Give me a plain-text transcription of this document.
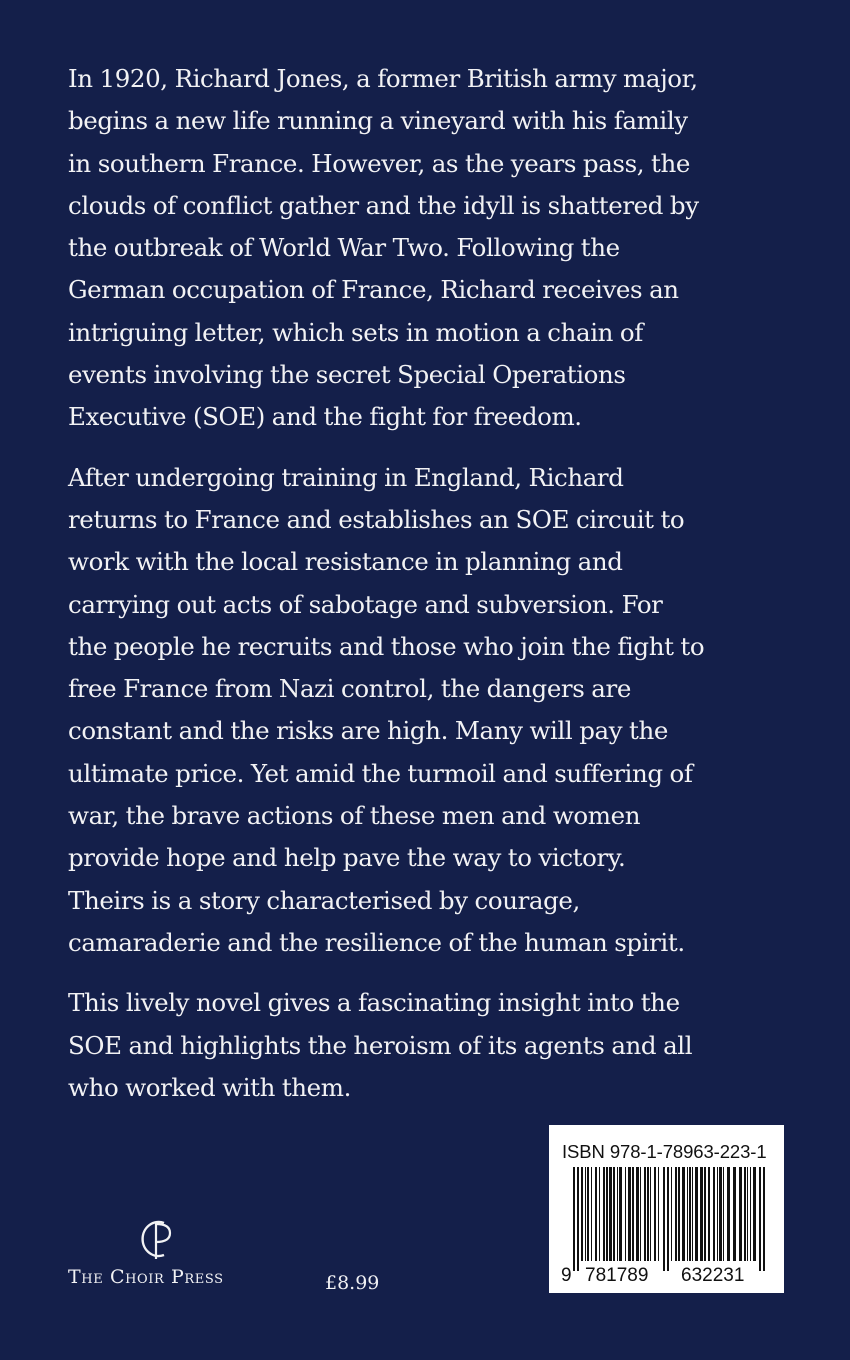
In 1920, Richard Jones, a former British army major, begins a new life running a vineyard with his family in southern France. However, as the years pass, the clouds of conflict gather and the idyll is shattered by the outbreak of World War Two. Following the German occupation of France, Richard receives an intriguing letter, which sets in motion a chain of events involving the secret Special Operations Executive (SOE) and the fight for freedom.

After undergoing training in England, Richard returns to France and establishes an SOE circuit to work with the local resistance in planning and carrying out acts of sabotage and subversion. For the people he recruits and those who join the fight to free France from Nazi control, the dangers are constant and the risks are high. Many will pay the ultimate price. Yet amid the turmoil and suffering of war, the brave actions of these men and women provide hope and help pave the way to victory. Theirs is a story characterised by courage, camaraderie and the resilience of the human spirit.

This lively novel gives a fascinating insight into the SOE and highlights the heroism of its agents and all who worked with them.

The Choir Press	£8.99
ISBN 978-1-78963-223-1
9 781789 632231
